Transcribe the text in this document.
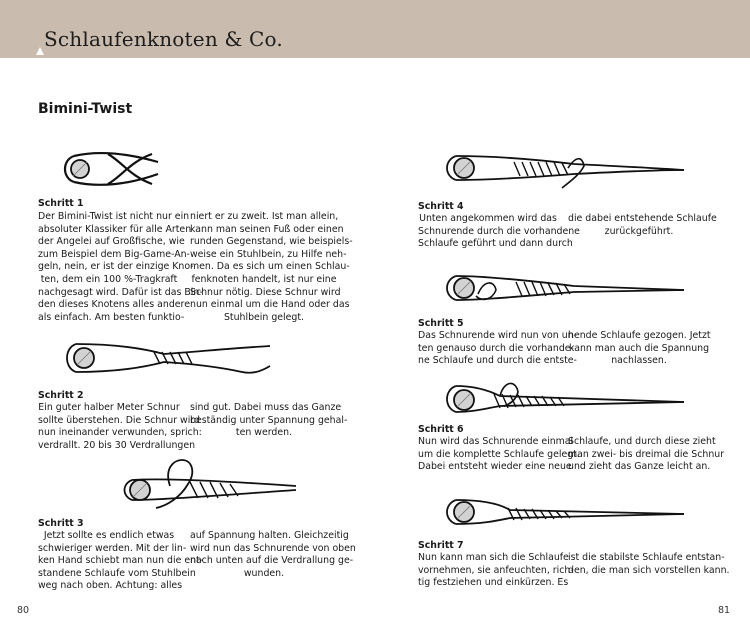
Schlaufenknoten & Co.
Bimini-Twist
Schritt 1
Der Bimini-Twist ist nicht nur ein
absoluter Klassiker für alle Arten
der Angelei auf Großfische, wie
zum Beispiel dem Big-Game-An-
geln, nein, er ist der einzige Kno-
ten, dem ein 100 %-Tragkraft
nachgesagt wird. Dafür ist das Bin-
den dieses Knotens alles andere
als einfach. Am besten funktio-
niert er zu zweit. Ist man allein,
kann man seinen Fuß oder einen
runden Gegenstand, wie beispiels-
weise ein Stuhlbein, zu Hilfe neh-
men. Da es sich um einen Schlau-
fenknoten handelt, ist nur eine
Schnur nötig. Diese Schnur wird
nun einmal um die Hand oder das
Stuhlbein gelegt.
Schritt 2
Ein guter halber Meter Schnur
sollte überstehen. Die Schnur wird
nun ineinander verwunden, sprich:
verdrallt. 20 bis 30 Verdrallungen
sind gut. Dabei muss das Ganze
beständig unter Spannung gehal-
ten werden.
Schritt 3
Jetzt sollte es endlich etwas
schwieriger werden. Mit der lin-
ken Hand schiebt man nun die ent-
standene Schlaufe vom Stuhlbein
weg nach oben. Achtung: alles
auf Spannung halten. Gleichzeitig
wird nun das Schnurende von oben
nach unten auf die Verdrallung ge-
wunden.
Schritt 4
Unten angekommen wird das
Schnurende durch die vorhandene
Schlaufe geführt und dann durch
die dabei entstehende Schlaufe
zurückgeführt.
Schritt 5
Das Schnurende wird nun von un-
ten genauso durch die vorhande-
ne Schlaufe und durch die entste-
hende Schlaufe gezogen. Jetzt
kann man auch die Spannung
nachlassen.
Schritt 6
Nun wird das Schnurende einmal
um die komplette Schlaufe gelegt.
Dabei entsteht wieder eine neue
Schlaufe, und durch diese zieht
man zwei- bis dreimal die Schnur
und zieht das Ganze leicht an.
Schritt 7
Nun kann man sich die Schlaufe
vornehmen, sie anfeuchten, rich-
tig festziehen und einkürzen. Es
ist die stabilste Schlaufe entstan-
den, die man sich vorstellen kann.
80	81
